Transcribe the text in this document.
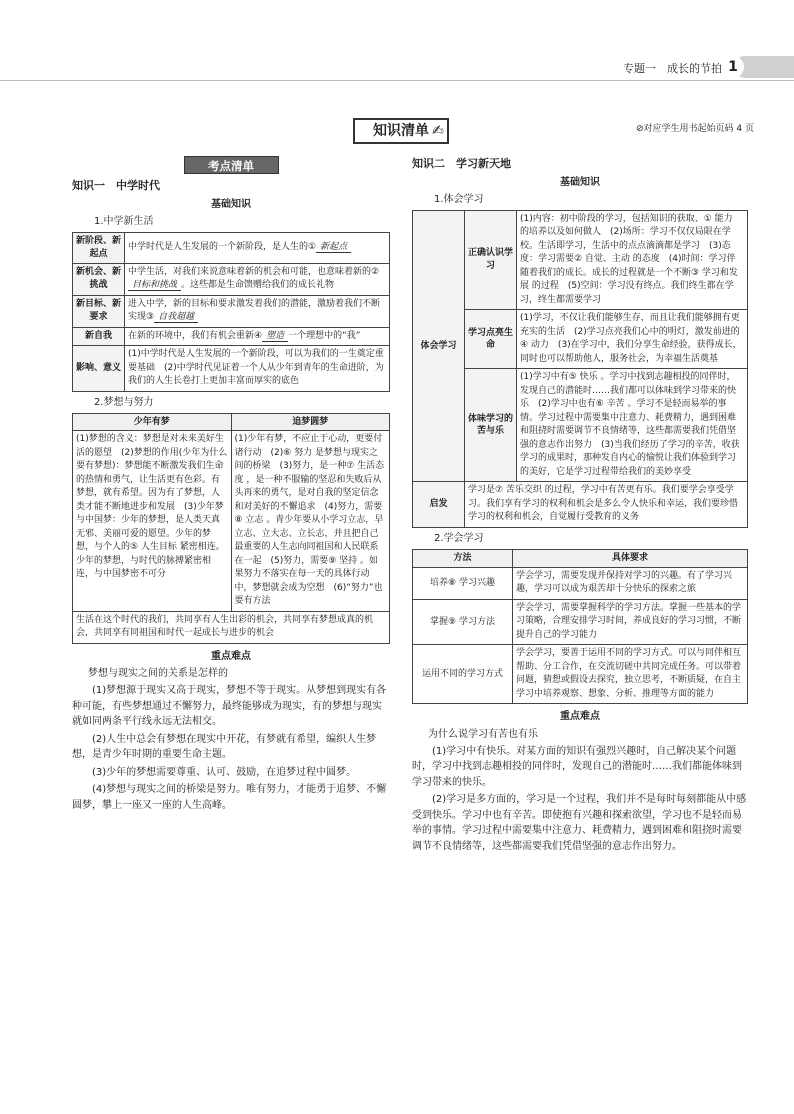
专题一　成长的节拍 1
知识清单 ✍	⊘对应学生用书起始页码 4 页
考点清单
知识一　中学时代
基础知识
1.中学新生活
新阶段、新起点	中学时代是人生发展的一个新阶段，是人生的① 新起点
新机会、新挑战	中学生活，对我们来说意味着新的机会和可能，也意味着新的②目标和挑战 。这些都是生命馈赠给我们的成长礼物
新目标、新要求	进入中学，新的目标和要求激发着我们的潜能，激励着我们不断实现③ 自我超越
新自我	在新的环境中，我们有机会重新④ 塑造 一个理想中的“我”
影响、意义	(1)中学时代是人生发展的一个新阶段，可以为我们的一生奠定重要基础　(2)中学时代见证着一个人从少年到青年的生命进阶，为我们的人生长卷打上更加丰富而厚实的底色
2.梦想与努力
少年有梦	追梦圆梦
(1)梦想的含义：梦想是对未来美好生活的愿望　(2)梦想的作用(少年为什么要有梦想)：梦想能不断激发我们生命的热情和勇气，让生活更有色彩。有梦想，就有希望。因为有了梦想，人类才能不断地进步和发展　(3)少年梦与中国梦：少年的梦想，是人类天真无邪、美丽可爱的愿望。少年的梦想，与个人的⑤ 人生目标 紧密相连。少年的梦想，与时代的脉搏紧密相连，与中国梦密不可分	(1)少年有梦，不应止于心动，更要付诸行动　(2)⑥ 努力 是梦想与现实之间的桥梁　(3)努力，是一种⑦ 生活态度 ，是一种不服输的坚忍和失败后从头再来的勇气，是对自我的坚定信念和对美好的不懈追求　(4)努力，需要⑧ 立志 。青少年要从小学习立志，早立志、立大志、立长志，并且把自己最重要的人生志向同祖国和人民联系在一起　(5)努力，需要⑨ 坚持 。如果努力不落实在每一天的具体行动中，梦想就会成为空想　(6)“努力”也要有方法
生活在这个时代的我们，共同享有人生出彩的机会，共同享有梦想成真的机会，共同享有同祖国和时代一起成长与进步的机会	
重点难点
梦想与现实之间的关系是怎样的
(1)梦想源于现实又高于现实，梦想不等于现实。从梦想到现实有各种可能，有些梦想通过不懈努力，最终能够成为现实，有的梦想与现实就如同两条平行线永远无法相交。
(2)人生中总会有梦想在现实中开花，有梦就有希望，编织人生梦想，是青少年时期的重要生命主题。
(3)少年的梦想需要尊重、认可、鼓励，在追梦过程中圆梦。
(4)梦想与现实之间的桥梁是努力。唯有努力，才能勇于追梦、不懈圆梦，攀上一座又一座的人生高峰。
知识二　学习新天地
基础知识
1.体会学习
体会学习	正确认识学习	(1)内容：初中阶段的学习，包括知识的获取、① 能力 的培养以及如何做人　(2)场所：学习不仅仅局限在学校。生活即学习，生活中的点点滴滴都是学习　(3)态度：学习需要② 自觉、主动 的态度　(4)时间：学习伴随着我们的成长。成长的过程就是一个不断③ 学习和发展 的过程　(5)空间：学习没有终点。我们终生都在学习，终生都需要学习
	学习点亮生命	(1)学习，不仅让我们能够生存，而且让我们能够拥有更充实的生活　(2)学习点亮我们心中的明灯，激发前进的④ 动力　(3)在学习中，我们分享生命经验，获得成长，同时也可以帮助他人，服务社会，为幸福生活奠基
	体味学习的苦与乐	(1)学习中有⑤ 快乐 。学习中找到志趣相投的同伴时，发现自己的潜能时……我们都可以体味到学习带来的快乐　(2)学习中也有⑥ 辛苦 。学习不是轻而易举的事情。学习过程中需要集中注意力、耗费精力，遇到困难和阻挠时需要调节不良情绪等，这些都需要我们凭借坚强的意志作出努力　(3)当我们经历了学习的辛苦，收获学习的成果时，那种发自内心的愉悦让我们体验到学习的美好，它是学习过程带给我们的美妙享受
启发	学习是⑦ 苦乐交织 的过程，学习中有苦更有乐。我们要学会享受学习。我们享有学习的权利和机会是多么令人快乐和幸运，我们要珍惜学习的权利和机会，自觉履行受教育的义务	
2.学会学习
方法	具体要求
培养⑧ 学习兴趣	学会学习，需要发现并保持对学习的兴趣。有了学习兴趣，学习可以成为艰苦却十分快乐的探索之旅
掌握⑨ 学习方法	学会学习，需要掌握科学的学习方法。掌握一些基本的学习策略，合理安排学习时间，养成良好的学习习惯，不断提升自己的学习能力
运用不同的学习方式	学会学习，要善于运用不同的学习方式。可以与同伴相互帮助、分工合作，在交流切磋中共同完成任务。可以带着问题，猜想或假设去探究，独立思考，不断质疑，在自主学习中培养观察、想象、分析、推理等方面的能力
重点难点
为什么说学习有苦也有乐
(1)学习中有快乐。对某方面的知识有强烈兴趣时，自己解决某个问题时，学习中找到志趣相投的同伴时，发现自己的潜能时……我们都能体味到学习带来的快乐。
(2)学习是多方面的，学习是一个过程，我们并不是每时每刻都能从中感受到快乐。学习中也有辛苦。即使抱有兴趣和探索欲望，学习也不是轻而易举的事情。学习过程中需要集中注意力、耗费精力，遇到困难和阻挠时需要调节不良情绪等，这些都需要我们凭借坚强的意志作出努力。
